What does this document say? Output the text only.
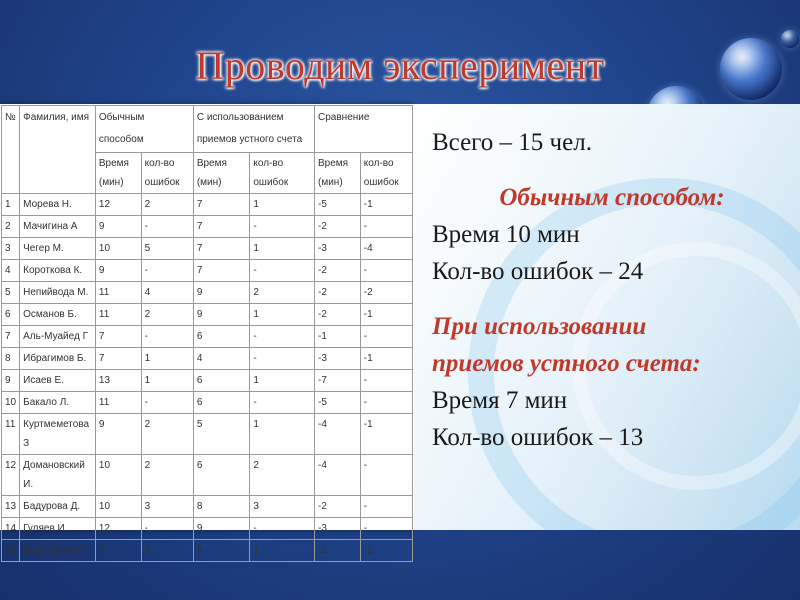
Проводим эксперимент
№	Фамилия, имя	Обычным способом		С использованием приемов устного счета		Сравнение	
		Время (мин)	кол-во ошибок	Время (мин)	кол-во ошибок	Время (мин)	кол-во ошибок
1	Морева Н.	12	2	7	1	-5	-1
2	Мачигина А	9	-	7	-	-2	-
3	Чегер М.	10	5	7	1	-3	-4
4	Короткова К.	9	-	7	-	-2	-
5	Непийвода М.	11	4	9	2	-2	-2
6	Османов Б.	11	2	9	1	-2	-1
7	Аль-Муайед Г	7	-	6	-	-1	-
8	Ибрагимов Б.	7	1	4	-	-3	-1
9	Исаев Е.	13	1	6	1	-7	-
10	Бакало Л.	11	-	6	-	-5	-
11	Куртмеметова З	9	2	5	1	-4	-1
12	Домановский И.	10	2	6	2	-4	-
13	Бадурова Д.	10	3	8	3	-2	-
14	Гуляев И.	12	-	9	-	-3	-
15	Вербовская Т.	7	2	5	1	-2	-1
Всего – 15 чел.
Обычным способом:
Время 10 мин
Кол-во ошибок – 24
При использовании
приемов устного счета:
Время 7 мин
Кол-во ошибок – 13
